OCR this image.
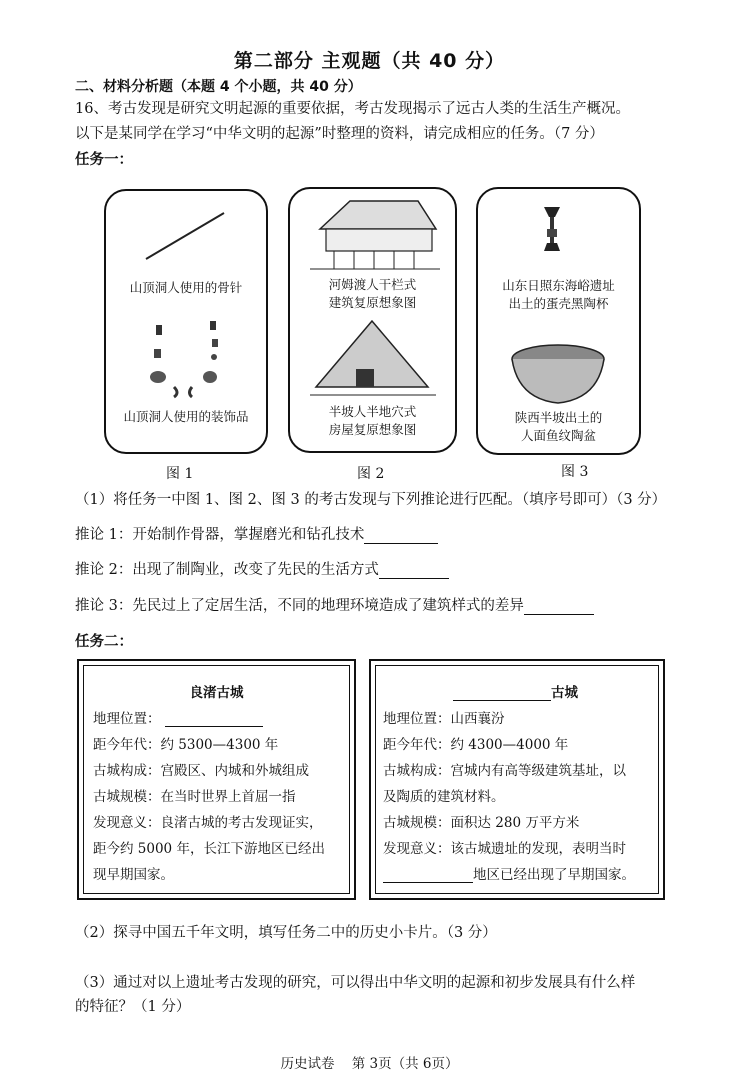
第二部分 主观题（共 40 分）
二、材料分析题（本题 4 个小题，共 40 分）
16、考古发现是研究文明起源的重要依据，考古发现揭示了远古人类的生活生产概况。
以下是某同学在学习“中华文明的起源”时整理的资料，请完成相应的任务。（7 分）
任务一：
山顶洞人使用的骨针
山顶洞人使用的装饰品
图 1
河姆渡人干栏式
建筑复原想象图
半坡人半地穴式
房屋复原想象图
图 2
山东日照东海峪遗址
出土的蛋壳黑陶杯
陕西半坡出土的
人面鱼纹陶盆
图 3
（1）将任务一中图 1、图 2、图 3 的考古发现与下列推论进行匹配。（填序号即可）（3 分）
推论 1：开始制作骨器，掌握磨光和钻孔技术
推论 2：出现了制陶业，改变了先民的生活方式
推论 3：先民过上了定居生活，不同的地理环境造成了建筑样式的差异
任务二：
良渚古城
地理位置：
距今年代：约 5300—4300 年
古城构成：宫殿区、内城和外城组成
古城规模：在当时世界上首屈一指
发现意义：良渚古城的考古发现证实，
距今约 5000 年，长江下游地区已经出
现早期国家。
古城
地理位置：山西襄汾
距今年代：约 4300—4000 年
古城构成：宫城内有高等级建筑基址，以
及陶质的建筑材料。
古城规模：面积达 280 万平方米
发现意义：该古城遗址的发现，表明当时
地区已经出现了早期国家。
（2）探寻中国五千年文明，填写任务二中的历史小卡片。（3 分）
（3）通过对以上遗址考古发现的研究，可以得出中华文明的起源和初步发展具有什么样
的特征？（1 分）
历史试卷    第 3页（共 6页）
